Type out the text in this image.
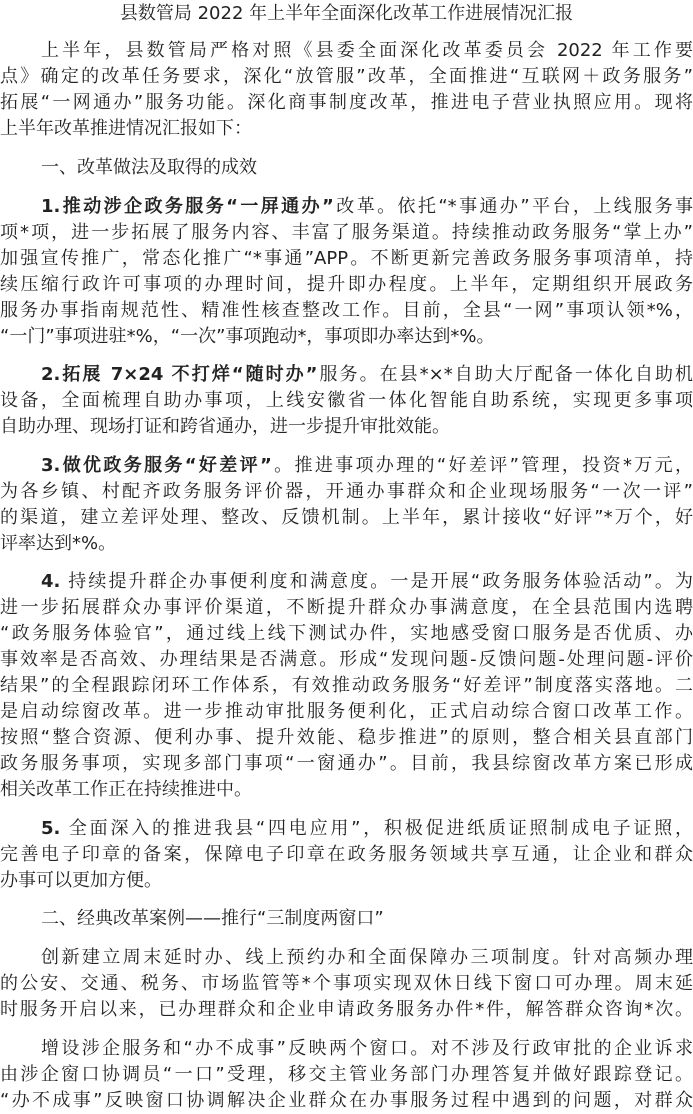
县数管局 2022 年上半年全面深化改革工作进展情况汇报
上半年，县数管局严格对照《县委全面深化改革委员会 2022 年工作要
点》确定的改革任务要求，深化“放管服”改革，全面推进“互联网＋政务服务”
拓展“一网通办”服务功能。深化商事制度改革，推进电子营业执照应用。现将
上半年改革推进情况汇报如下：
一、改革做法及取得的成效
1.推动涉企政务服务“一屏通办”改革。依托“*事通办”平台，上线服务事
项*项，进一步拓展了服务内容、丰富了服务渠道。持续推动政务服务“掌上办”
加强宣传推广，常态化推广“*事通”APP。不断更新完善政务服务事项清单，持
续压缩行政许可事项的办理时间，提升即办程度。上半年，定期组织开展政务
服务办事指南规范性、精准性核查整改工作。目前，全县“一网”事项认领*%，
“一门”事项进驻*%，“一次”事项跑动*，事项即办率达到*%。
2.拓展 7×24 不打烊“随时办”服务。在县*×*自助大厅配备一体化自助机
设备，全面梳理自助办事项，上线安徽省一体化智能自助系统，实现更多事项
自助办理、现场打证和跨省通办，进一步提升审批效能。
3.做优政务服务“好差评”。推进事项办理的“好差评”管理，投资*万元，
为各乡镇、村配齐政务服务评价器，开通办事群众和企业现场服务“一次一评”
的渠道，建立差评处理、整改、反馈机制。上半年，累计接收“好评”*万个，好
评率达到*%。
4. 持续提升群企办事便利度和满意度。一是开展“政务服务体验活动”。为
进一步拓展群众办事评价渠道，不断提升群众办事满意度，在全县范围内选聘
“政务服务体验官”，通过线上线下测试办件，实地感受窗口服务是否优质、办
事效率是否高效、办理结果是否满意。形成“发现问题-反馈问题-处理问题-评价
结果”的全程跟踪闭环工作体系，有效推动政务服务“好差评”制度落实落地。二
是启动综窗改革。进一步推动审批服务便利化，正式启动综合窗口改革工作。
按照“整合资源、便利办事、提升效能、稳步推进”的原则，整合相关县直部门
政务服务事项，实现多部门事项“一窗通办”。目前，我县综窗改革方案已形成
相关改革工作正在持续推进中。
5. 全面深入的推进我县“四电应用”，积极促进纸质证照制成电子证照，
完善电子印章的备案，保障电子印章在政务服务领域共享互通，让企业和群众
办事可以更加方便。
二、经典改革案例——推行“三制度两窗口”
创新建立周末延时办、线上预约办和全面保障办三项制度。针对高频办理
的公安、交通、税务、市场监管等*个事项实现双休日线下窗口可办理。周末延
时服务开启以来，已办理群众和企业申请政务服务办件*件，解答群众咨询*次。
增设涉企服务和“办不成事”反映两个窗口。对不涉及行政审批的企业诉求
由涉企窗口协调员“一口”受理，移交主管业务部门办理答复并做好跟踪登记。
“办不成事”反映窗口协调解决企业群众在办事服务过程中遇到的问题，对群众
